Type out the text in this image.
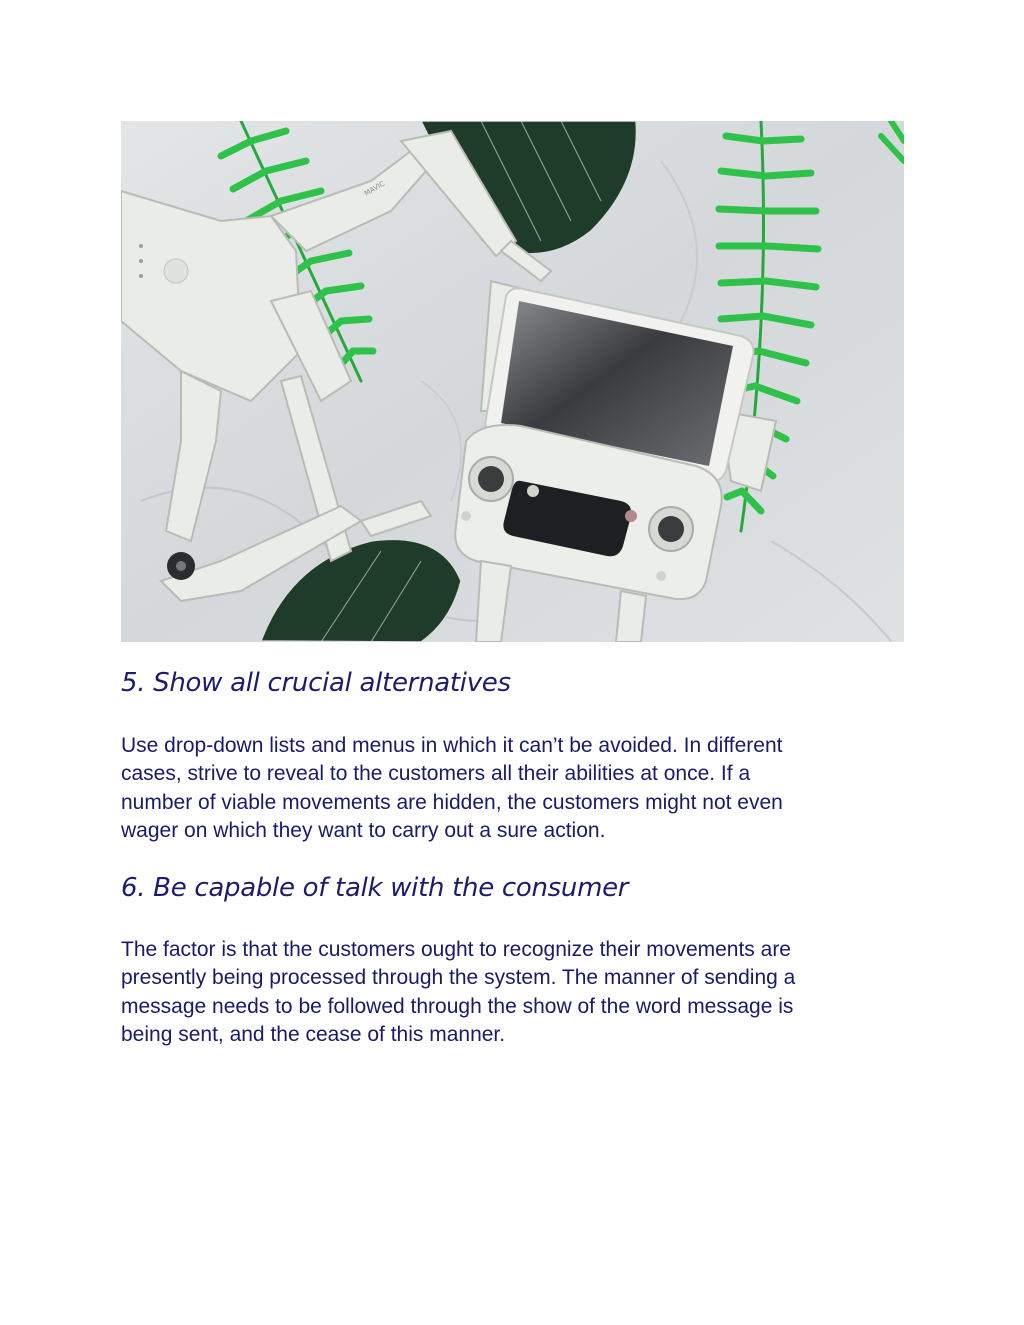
MAVIC
5. Show all crucial alternatives

Use drop-down lists and menus in which it can’t be avoided. In different
cases, strive to reveal to the customers all their abilities at once. If a
number of viable movements are hidden, the customers might not even
wager on which they want to carry out a sure action.

6. Be capable of talk with the consumer

The factor is that the customers ought to recognize their movements are
presently being processed through the system. The manner of sending a
message needs to be followed through the show of the word message is
being sent, and the cease of this manner.
